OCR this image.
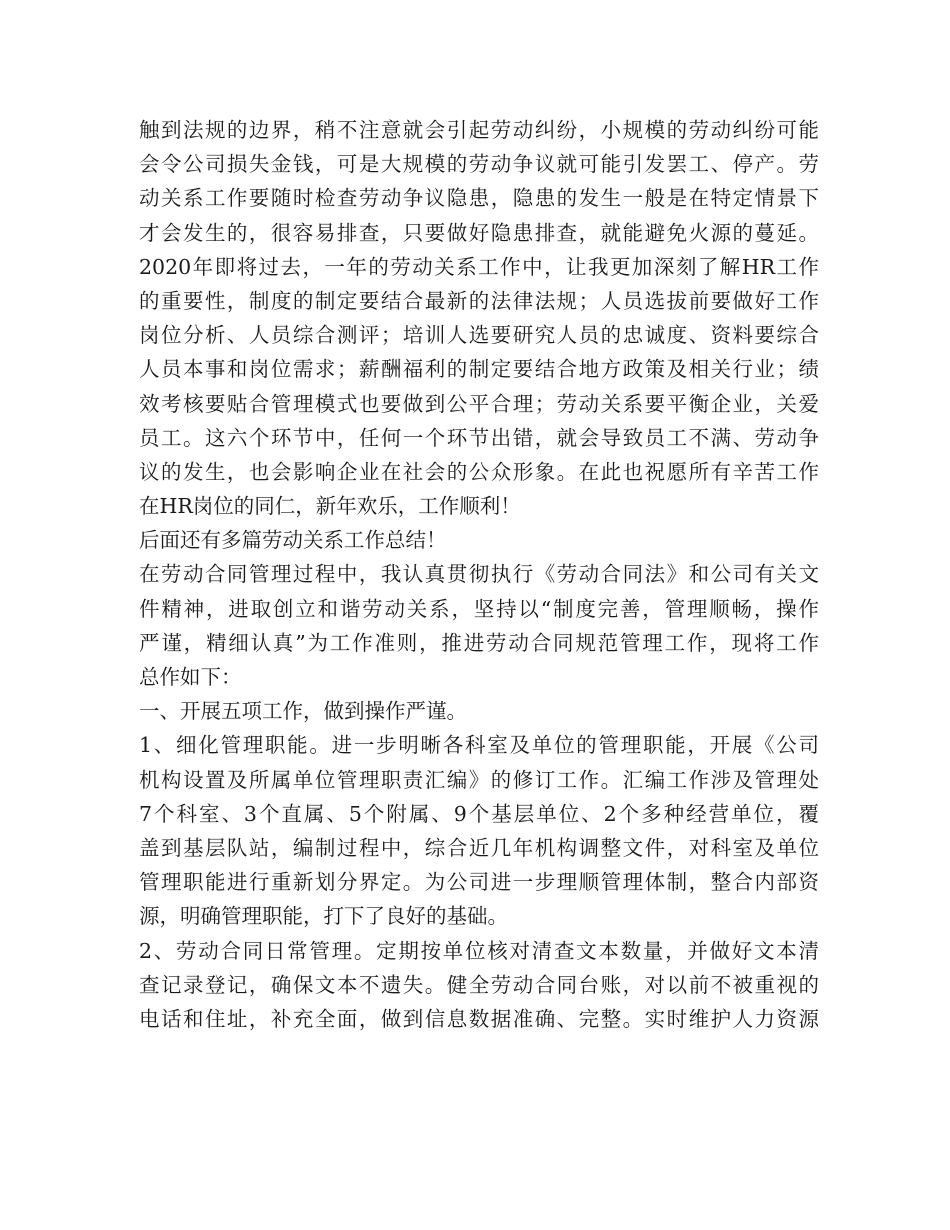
触到法规的边界，稍不注意就会引起劳动纠纷，小规模的劳动纠纷可能
会令公司损失金钱，可是大规模的劳动争议就可能引发罢工、停产。劳
动关系工作要随时检查劳动争议隐患，隐患的发生一般是在特定情景下
才会发生的，很容易排查，只要做好隐患排查，就能避免火源的蔓延。
2020年即将过去，一年的劳动关系工作中，让我更加深刻了解HR工作
的重要性，制度的制定要结合最新的法律法规；人员选拔前要做好工作
岗位分析、人员综合测评；培训人选要研究人员的忠诚度、资料要综合
人员本事和岗位需求；薪酬福利的制定要结合地方政策及相关行业；绩
效考核要贴合管理模式也要做到公平合理；劳动关系要平衡企业，关爱
员工。这六个环节中，任何一个环节出错，就会导致员工不满、劳动争
议的发生，也会影响企业在社会的公众形象。在此也祝愿所有辛苦工作
在HR岗位的同仁，新年欢乐，工作顺利！
后面还有多篇劳动关系工作总结！
在劳动合同管理过程中，我认真贯彻执行《劳动合同法》和公司有关文
件精神，进取创立和谐劳动关系，坚持以“制度完善，管理顺畅，操作
严谨，精细认真”为工作准则，推进劳动合同规范管理工作，现将工作
总作如下：
一、开展五项工作，做到操作严谨。
1、细化管理职能。进一步明晰各科室及单位的管理职能，开展《公司
机构设置及所属单位管理职责汇编》的修订工作。汇编工作涉及管理处
7个科室、3个直属、5个附属、9个基层单位、2个多种经营单位，覆
盖到基层队站，编制过程中，综合近几年机构调整文件，对科室及单位
管理职能进行重新划分界定。为公司进一步理顺管理体制，整合内部资
源，明确管理职能，打下了良好的基础。
2、劳动合同日常管理。定期按单位核对清查文本数量，并做好文本清
查记录登记，确保文本不遗失。健全劳动合同台账，对以前不被重视的
电话和住址，补充全面，做到信息数据准确、完整。实时维护人力资源
